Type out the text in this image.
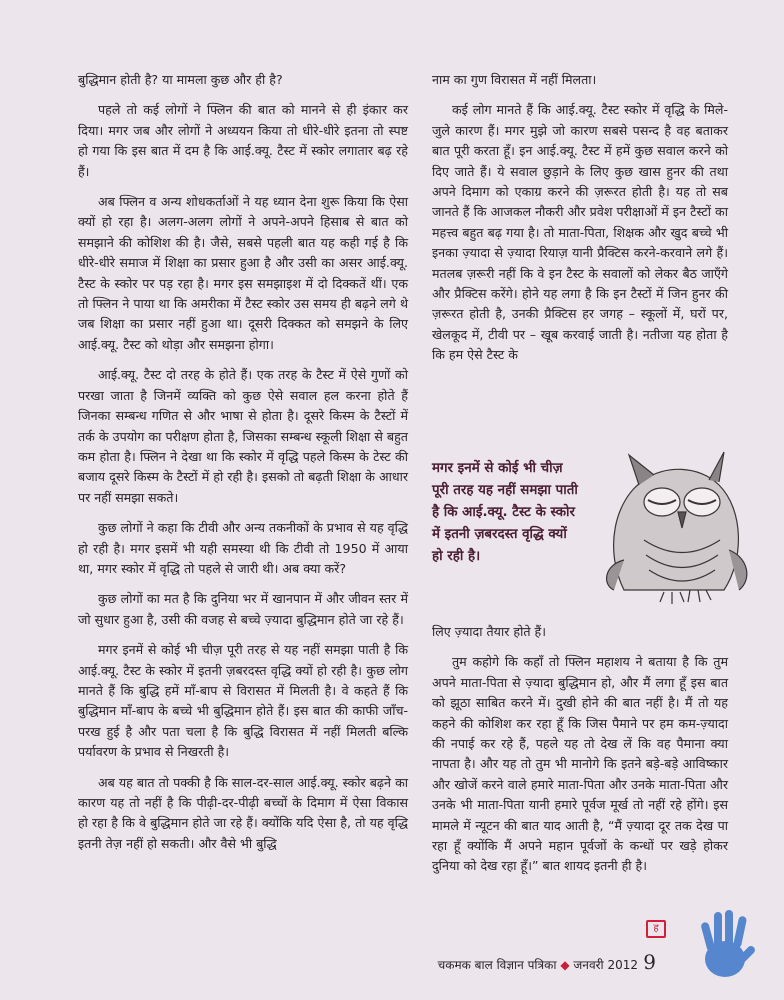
बुद्धिमान होती है? या मामला कुछ और ही है?

पहले तो कई लोगों ने फ्लिन की बात को मानने से ही इंकार कर दिया। मगर जब और लोगों ने अध्ययन किया तो धीरे-धीरे इतना तो स्पष्ट हो गया कि इस बात में दम है कि आई.क्यू. टैस्ट में स्कोर लगातार बढ़ रहे हैं।

अब फ्लिन व अन्य शोधकर्ताओं ने यह ध्यान देना शुरू किया कि ऐसा क्यों हो रहा है। अलग-अलग लोगों ने अपने-अपने हिसाब से बात को समझाने की कोशिश की है। जैसे, सबसे पहली बात यह कही गई है कि धीरे-धीरे समाज में शिक्षा का प्रसार हुआ है और उसी का असर आई.क्यू. टैस्ट के स्कोर पर पड़ रहा है। मगर इस समझाइश में दो दिक्कतें थीं। एक तो फ्लिन ने पाया था कि अमरीका में टैस्ट स्कोर उस समय ही बढ़ने लगे थे जब शिक्षा का प्रसार नहीं हुआ था। दूसरी दिक्कत को समझने के लिए आई.क्यू. टैस्ट को थोड़ा और समझना होगा।

आई.क्यू. टैस्ट दो तरह के होते हैं। एक तरह के टैस्ट में ऐसे गुणों को परखा जाता है जिनमें व्यक्ति को कुछ ऐसे सवाल हल करना होते हैं जिनका सम्बन्ध गणित से और भाषा से होता है। दूसरे किस्म के टैस्टों में तर्क के उपयोग का परीक्षण होता है, जिसका सम्बन्ध स्कूली शिक्षा से बहुत कम होता है। फ्लिन ने देखा था कि स्कोर में वृद्धि पहले किस्म के टेस्ट की बजाय दूसरे किस्म के टैस्टों में हो रही है। इसको तो बढ़ती शिक्षा के आधार पर नहीं समझा सकते।

कुछ लोगों ने कहा कि टीवी और अन्य तकनीकों के प्रभाव से यह वृद्धि हो रही है। मगर इसमें भी यही समस्या थी कि टीवी तो 1950 में आया था, मगर स्कोर में वृद्धि तो पहले से जारी थी। अब क्या करें?

कुछ लोगों का मत है कि दुनिया भर में खानपान में और जीवन स्तर में जो सुधार हुआ है, उसी की वजह से बच्चे ज़्यादा बुद्धिमान होते जा रहे हैं।

मगर इनमें से कोई भी चीज़ पूरी तरह से यह नहीं समझा पाती है कि आई.क्यू. टैस्ट के स्कोर में इतनी ज़बरदस्त वृद्धि क्यों हो रही है। कुछ लोग मानते हैं कि बुद्धि हमें माँ-बाप से विरासत में मिलती है। वे कहते हैं कि बुद्धिमान माँ-बाप के बच्चे भी बुद्धिमान होते हैं। इस बात की काफी जाँच-परख हुई है और पता चला है कि बुद्धि विरासत में नहीं मिलती बल्कि पर्यावरण के प्रभाव से निखरती है।

अब यह बात तो पक्की है कि साल-दर-साल आई.क्यू. स्कोर बढ़ने का कारण यह तो नहीं है कि पीढ़ी-दर-पीढ़ी बच्चों के दिमाग में ऐसा विकास हो रहा है कि वे बुद्धिमान होते जा रहे हैं। क्योंकि यदि ऐसा है, तो यह वृद्धि इतनी तेज़ नहीं हो सकती। और वैसे भी बुद्धि

नाम का गुण विरासत में नहीं मिलता।

कई लोग मानते हैं कि आई.क्यू. टैस्ट स्कोर में वृद्धि के मिले-जुले कारण हैं। मगर मुझे जो कारण सबसे पसन्द है वह बताकर बात पूरी करता हूँ। इन आई.क्यू. टैस्ट में हमें कुछ सवाल करने को दिए जाते हैं। ये सवाल छुड़ाने के लिए कुछ खास हुनर की तथा अपने दिमाग को एकाग्र करने की ज़रूरत होती है। यह तो सब जानते हैं कि आजकल नौकरी और प्रवेश परीक्षाओं में इन टैस्टों का महत्त्व बहुत बढ़ गया है। तो माता-पिता, शिक्षक और खुद बच्चे भी इनका ज़्यादा से ज़्यादा रियाज़ यानी प्रैक्टिस करने-करवाने लगे हैं। मतलब ज़रूरी नहीं कि वे इन टैस्ट के सवालों को लेकर बैठ जाएँगे और प्रैक्टिस करेंगे। होने यह लगा है कि इन टैस्टों में जिन हुनर की ज़रूरत होती है, उनकी प्रैक्टिस हर जगह – स्कूलों में, घरों पर, खेलकूद में, टीवी पर – खूब करवाई जाती है। नतीजा यह होता है कि हम ऐसे टैस्ट के

मगर इनमें से कोई भी चीज़ पूरी तरह यह नहीं समझा पाती है कि आई.क्यू. टैस्ट के स्कोर में इतनी ज़बरदस्त वृद्धि क्यों हो रही है।

लिए ज़्यादा तैयार होते हैं।

तुम कहोगे कि कहाँ तो फ्लिन महाशय ने बताया है कि तुम अपने माता-पिता से ज़्यादा बुद्धिमान हो, और मैं लगा हूँ इस बात को झूठा साबित करने में। दुखी होने की बात नहीं है। मैं तो यह कहने की कोशिश कर रहा हूँ कि जिस पैमाने पर हम कम-ज़्यादा की नपाई कर रहे हैं, पहले यह तो देख लें कि वह पैमाना क्या नापता है। और यह तो तुम भी मानोगे कि इतने बड़े-बड़े आविष्कार और खोजें करने वाले हमारे माता-पिता और उनके माता-पिता और उनके भी माता-पिता यानी हमारे पूर्वज मूर्ख तो नहीं रहे होंगे। इस मामले में न्यूटन की बात याद आती है, “मैं ज़्यादा दूर तक देख पा रहा हूँ क्योंकि मैं अपने महान पूर्वजों के कन्धों पर खड़े होकर दुनिया को देख रहा हूँ।” बात शायद इतनी ही है।

ह
चकमक बाल विज्ञान पत्रिका ◆ जनवरी 2012 9
